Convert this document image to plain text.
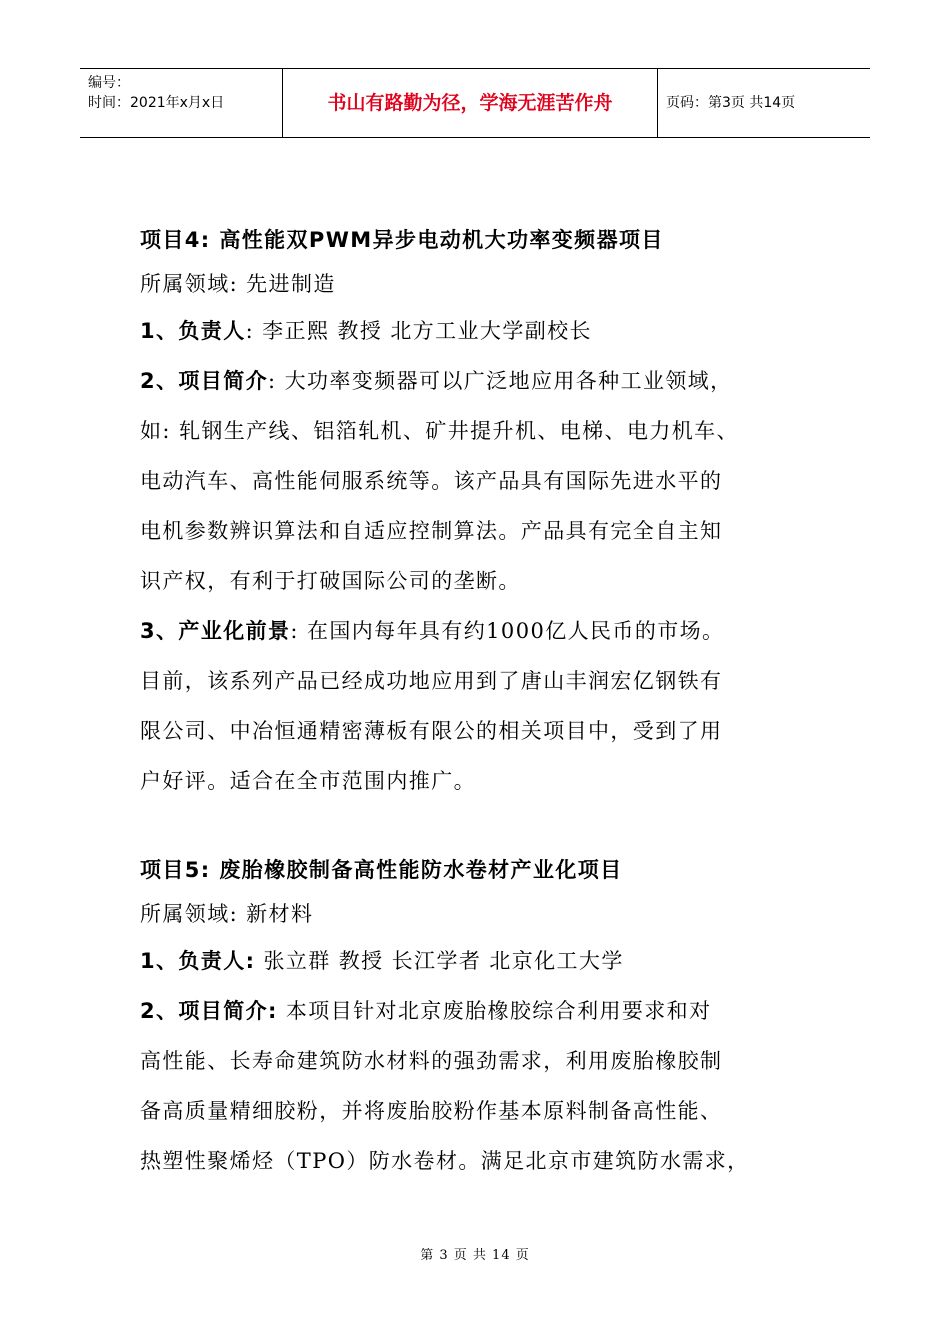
编号：
时间：2021年x月x日	书山有路勤为径，学海无涯苦作舟	页码：第3页 共14页

项目4: 高性能双PWM异步电动机大功率变频器项目

所属领域: 先进制造

1、负责人: 李正熙 教授 北方工业大学副校长

2、项目简介: 大功率变频器可以广泛地应用各种工业领域，

如: 轧钢生产线、铝箔轧机、矿井提升机、电梯、电力机车、

电动汽车、高性能伺服系统等。该产品具有国际先进水平的

电机参数辨识算法和自适应控制算法。产品具有完全自主知

识产权，有利于打破国际公司的垄断。

3、产业化前景: 在国内每年具有约1000亿人民币的市场。

目前，该系列产品已经成功地应用到了唐山丰润宏亿钢铁有

限公司、中冶恒通精密薄板有限公的相关项目中，受到了用

户好评。适合在全市范围内推广。

项目5: 废胎橡胶制备高性能防水卷材产业化项目

所属领域: 新材料

1、负责人: 张立群 教授 长江学者 北京化工大学

2、项目简介: 本项目针对北京废胎橡胶综合利用要求和对

高性能、长寿命建筑防水材料的强劲需求，利用废胎橡胶制

备高质量精细胶粉，并将废胎胶粉作基本原料制备高性能、

热塑性聚烯烃（TPO）防水卷材。满足北京市建筑防水需求，

第 3 页 共 14 页
